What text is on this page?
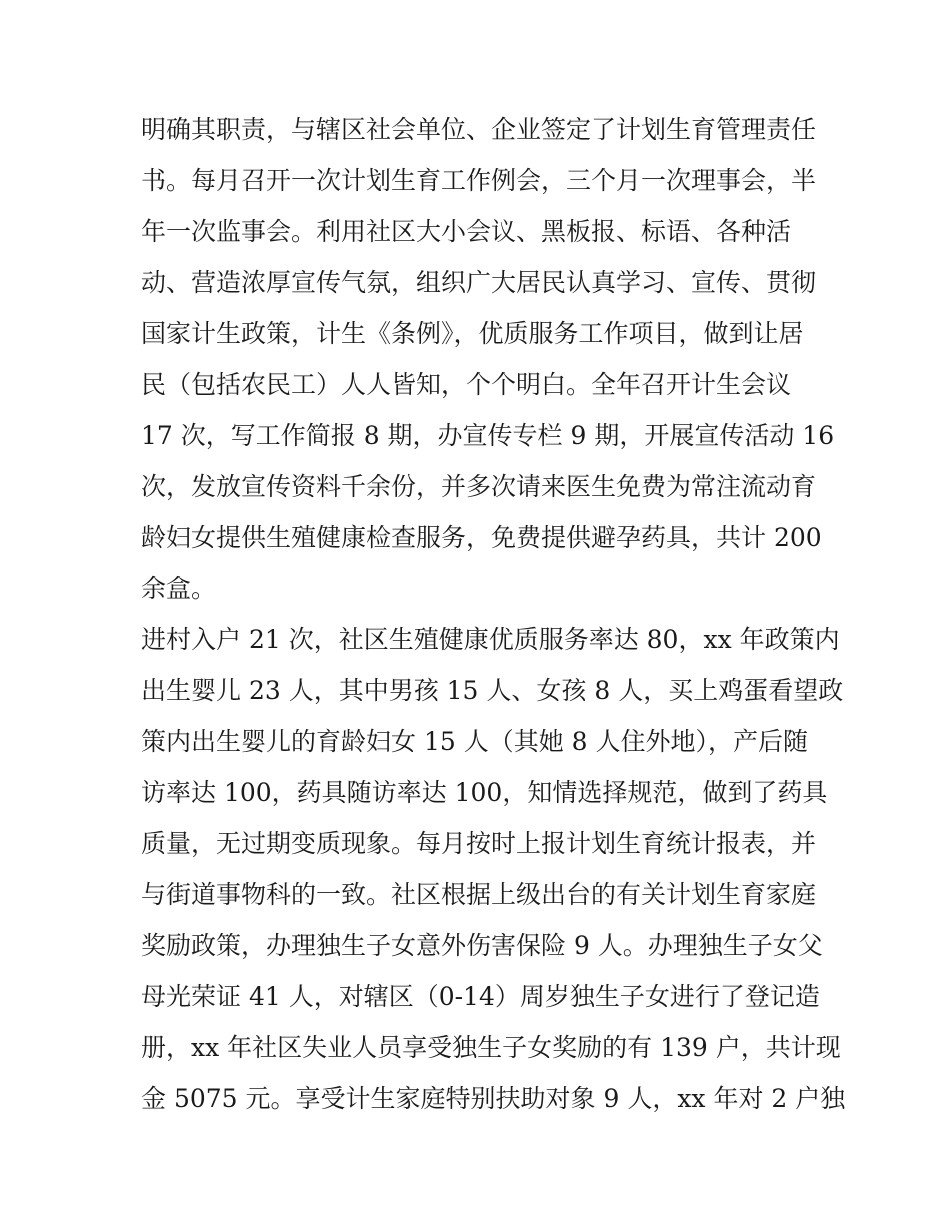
明确其职责，与辖区社会单位、企业签定了计划生育管理责任
书。每月召开一次计划生育工作例会，三个月一次理事会，半
年一次监事会。利用社区大小会议、黑板报、标语、各种活
动、营造浓厚宣传气氛，组织广大居民认真学习、宣传、贯彻
国家计生政策，计生《条例》，优质服务工作项目，做到让居
民（包括农民工）人人皆知，个个明白。全年召开计生会议
17 次，写工作简报 8 期，办宣传专栏 9 期，开展宣传活动 16
次，发放宣传资料千余份，并多次请来医生免费为常注流动育
龄妇女提供生殖健康检查服务，免费提供避孕药具，共计 200
余盒。
进村入户 21 次，社区生殖健康优质服务率达 80，xx 年政策内
出生婴儿 23 人，其中男孩 15 人、女孩 8 人，买上鸡蛋看望政
策内出生婴儿的育龄妇女 15 人（其她 8 人住外地），产后随
访率达 100，药具随访率达 100，知情选择规范，做到了药具
质量，无过期变质现象。每月按时上报计划生育统计报表，并
与街道事物科的一致。社区根据上级出台的有关计划生育家庭
奖励政策，办理独生子女意外伤害保险 9 人。办理独生子女父
母光荣证 41 人，对辖区（0-14）周岁独生子女进行了登记造
册，xx 年社区失业人员享受独生子女奖励的有 139 户，共计现
金 5075 元。享受计生家庭特别扶助对象 9 人，xx 年对 2 户独
